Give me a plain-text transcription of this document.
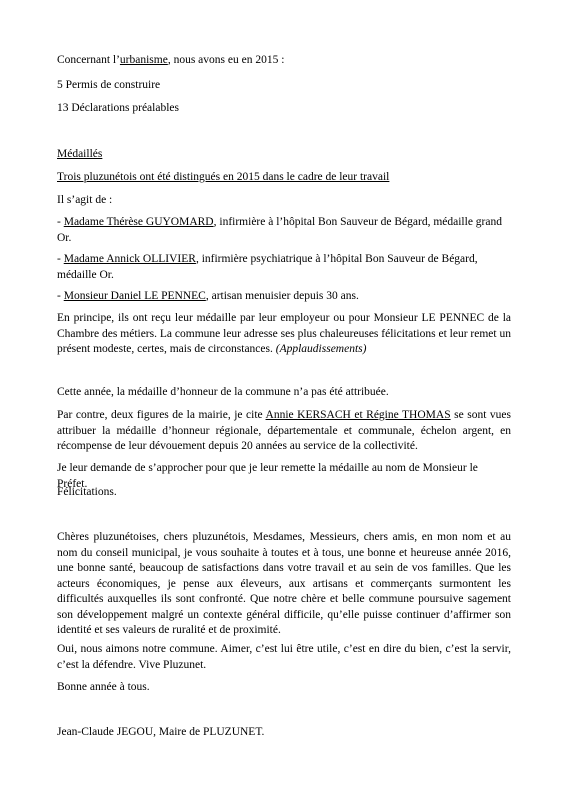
Concernant l’urbanisme, nous avons eu en 2015 :

5 Permis de construire

13 Déclarations préalables

Médaillés

Trois pluzunétois ont été distingués en 2015 dans le cadre de leur travail

Il s’agit de :

- Madame Thérèse GUYOMARD, infirmière à l’hôpital Bon Sauveur de Bégard, médaille grand Or.

- Madame Annick OLLIVIER, infirmière psychiatrique à l’hôpital Bon Sauveur de Bégard, médaille Or.

- Monsieur Daniel LE PENNEC, artisan menuisier depuis 30 ans.

En principe, ils ont reçu leur médaille par leur employeur ou pour Monsieur LE PENNEC de la Chambre des métiers. La commune leur adresse ses plus chaleureuses félicitations et leur remet un présent modeste, certes, mais de circonstances. (Applaudissements)

Cette année, la médaille d’honneur de la commune n’a pas été attribuée.

Par contre, deux figures de la mairie, je cite Annie KERSACH et Régine THOMAS se sont vues attribuer la médaille d’honneur régionale, départementale et communale, échelon argent, en récompense de leur dévouement depuis 20 années au service de la collectivité.

Je leur demande de s’approcher pour que je leur remette la médaille au nom de Monsieur le Préfet.

Félicitations.

Chères pluzunétoises, chers pluzunétois, Mesdames, Messieurs, chers amis, en mon nom et au nom du conseil municipal, je vous souhaite à toutes et à tous, une bonne et heureuse année 2016, une bonne santé, beaucoup de satisfactions dans votre travail et au sein de vos familles. Que les acteurs économiques, je pense aux éleveurs, aux artisans et commerçants surmontent les difficultés auxquelles ils sont confronté. Que notre chère et belle commune poursuive sagement son développement malgré un contexte général difficile, qu’elle puisse continuer d’affirmer son identité et ses valeurs de ruralité et de proximité.

Oui, nous aimons notre commune. Aimer, c’est lui être utile, c’est en dire du bien, c’est la servir, c’est la défendre. Vive Pluzunet.

Bonne année à tous.

Jean-Claude JEGOU, Maire de PLUZUNET.
